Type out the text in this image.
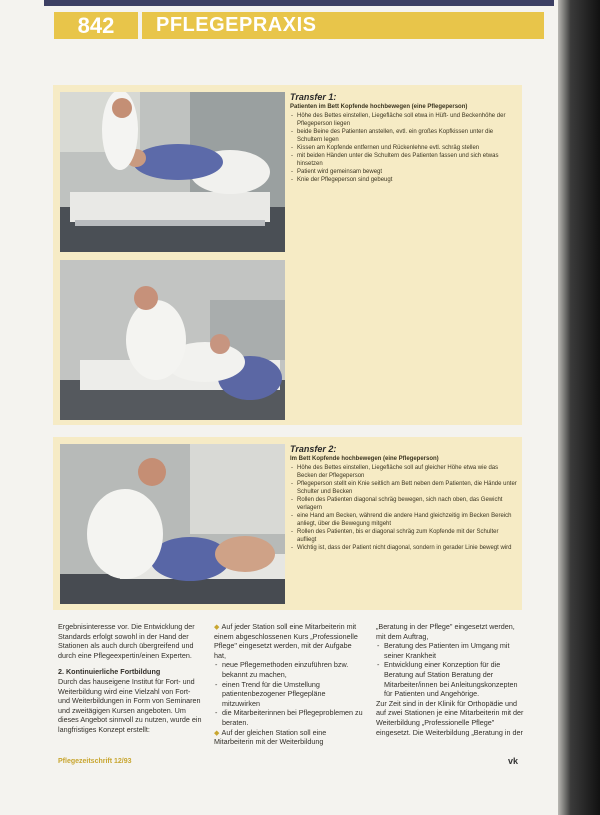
842	PFLEGEPRAXIS
Transfer 1:
Patienten im Bett Kopfende hochbewegen (eine Pflegeperson)
- Höhe des Bettes einstellen, Liegefläche soll etwa in Hüft- und Beckenhöhe der Pflegeperson liegen
- beide Beine des Patienten anstellen, evtl. ein großes Kopfkissen unter die Schultern legen
- Kissen am Kopfende entfernen und Rückenlehne evtl. schräg stellen
- mit beiden Händen unter die Schultern des Patienten fassen und sich etwas hinsetzen
- Patient wird gemeinsam bewegt
- Knie der Pflegeperson sind gebeugt
Transfer 2:
Im Bett Kopfende hochbewegen (eine Pflegeperson)
- Höhe des Bettes einstellen, Liegefläche soll auf gleicher Höhe etwa wie das Becken der Pflegeperson
- Pflegeperson stellt ein Knie seitlich am Bett neben dem Patienten, die Hände unter Schulter und Becken
- Rollen des Patienten diagonal schräg bewegen, sich nach oben, das Gewicht verlagern
- eine Hand am Becken, während die andere Hand gleichzeitig im Becken Bereich anliegt, über die Bewegung mitgeht
- Rollen des Patienten, bis er diagonal schräg zum Kopfende mit der Schulter aufliegt
- Wichtig ist, dass der Patient nicht diagonal, sondern in gerader Linie bewegt wird

Ergebnisinteresse vor. Die Entwicklung der Standards erfolgt sowohl in der Hand der Stationen als auch durch übergreifend und durch eine Pflegeexpertin/einen Experten.

2. Kontinuierliche Fortbildung

Durch das hauseigene Institut für Fort- und Weiterbildung wird eine Vielzahl von Fort- und Weiterbildungen in Form von Seminaren und zweitägigen Kursen angeboten. Um dieses Angebot sinnvoll zu nutzen, wurde ein langfristiges Konzept erstellt:

◆ Auf jeder Station soll eine Mitarbeiterin mit einem abgeschlossenen Kurs „Professionelle Pflege" eingesetzt werden, mit der Aufgabe hat,

- neue Pflegemethoden einzuführen bzw. bekannt zu machen,
- einen Trend für die Umstellung patientenbezogener Pflegepläne mitzuwirken
- die Mitarbeiterinnen bei Pflegeproblemen zu beraten.

◆ Auf der gleichen Station soll eine Mitarbeiterin mit der Weiterbildung

„Beratung in der Pflege" eingesetzt werden, mit dem Auftrag,

- Beratung des Patienten im Umgang mit seiner Krankheit
- Entwicklung einer Konzeption für die Beratung auf Station Beratung der Mitarbeiter/innen bei Anleitungskonzepten für Patienten und Angehörige.

Zur Zeit sind in der Klinik für Orthopädie und auf zwei Stationen je eine Mitarbeiterin mit der Weiterbildung „Professionelle Pflege" eingesetzt. Die Weiterbildung „Beratung in der

Pflegezeitschrift 12/93	vk
